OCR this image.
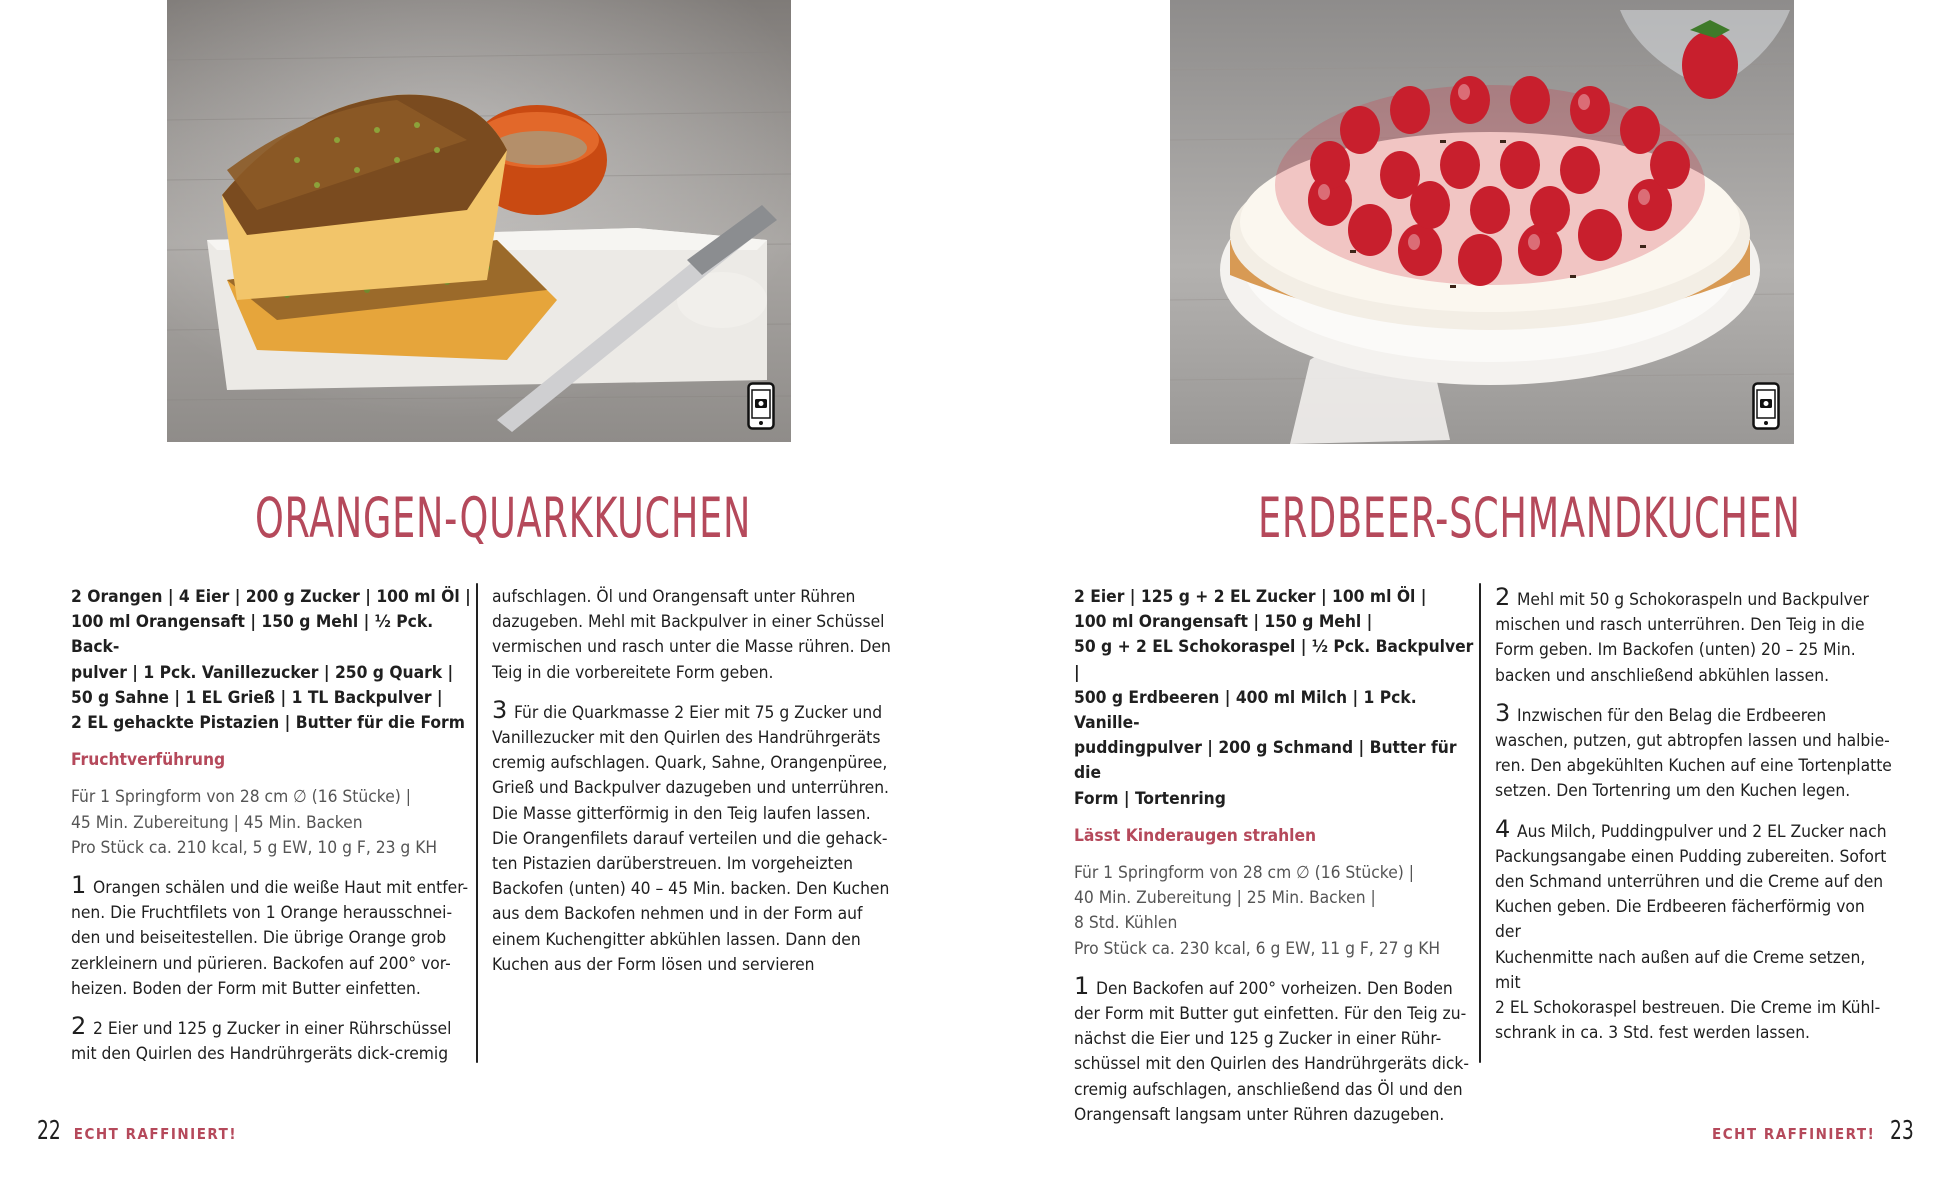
ORANGEN-QUARKKUCHEN

2 Orangen | 4 Eier | 200 g Zucker | 100 ml Öl |
100 ml Orangensaft | 150 g Mehl | ½ Pck. Back-
pulver | 1 Pck. Vanillezucker | 250 g Quark |
50 g Sahne | 1 EL Grieß | 1 TL Backpulver |
2 EL gehackte Pistazien | Butter für die Form

Fruchtverführung

Für 1 Springform von 28 cm ∅ (16 Stücke) |
45 Min. Zubereitung | 45 Min. Backen
Pro Stück ca. 210 kcal, 5 g EW, 10 g F, 23 g KH

1 Orangen schälen und die weiße Haut mit entfer-
nen. Die Fruchtfilets von 1 Orange herausschnei-
den und beiseitestellen. Die übrige Orange grob
zerkleinern und pürieren. Backofen auf 200° vor-
heizen. Boden der Form mit Butter einfetten.

2 2 Eier und 125 g Zucker in einer Rührschüssel
mit den Quirlen des Handrührgeräts dick-cremig

aufschlagen. Öl und Orangensaft unter Rühren
dazugeben. Mehl mit Backpulver in einer Schüssel
vermischen und rasch unter die Masse rühren. Den
Teig in die vorbereitete Form geben.

3 Für die Quarkmasse 2 Eier mit 75 g Zucker und
Vanillezucker mit den Quirlen des Handrührgeräts
cremig aufschlagen. Quark, Sahne, Orangenpüree,
Grieß und Backpulver dazugeben und unterrühren.
Die Masse gitterförmig in den Teig laufen lassen.
Die Orangenfilets darauf verteilen und die gehack-
ten Pistazien darüberstreuen. Im vorgeheizten
Backofen (unten) 40 – 45 Min. backen. Den Kuchen
aus dem Backofen nehmen und in der Form auf
einem Kuchengitter abkühlen lassen. Dann den
Kuchen aus der Form lösen und servieren

22 ECHT RAFFINIERT!
ERDBEER-SCHMANDKUCHEN

2 Eier | 125 g + 2 EL Zucker | 100 ml Öl |
100 ml Orangensaft | 150 g Mehl |
50 g + 2 EL Schokoraspel | ½ Pck. Backpulver |
500 g Erdbeeren | 400 ml Milch | 1 Pck. Vanille-
puddingpulver | 200 g Schmand | Butter für die
Form | Tortenring

Lässt Kinderaugen strahlen

Für 1 Springform von 28 cm ∅ (16 Stücke) |
40 Min. Zubereitung | 25 Min. Backen |
8 Std. Kühlen
Pro Stück ca. 230 kcal, 6 g EW, 11 g F, 27 g KH

1 Den Backofen auf 200° vorheizen. Den Boden
der Form mit Butter gut einfetten. Für den Teig zu-
nächst die Eier und 125 g Zucker in einer Rühr-
schüssel mit den Quirlen des Handrührgeräts dick-
cremig aufschlagen, anschließend das Öl und den
Orangensaft langsam unter Rühren dazugeben.

2 Mehl mit 50 g Schokoraspeln und Backpulver
mischen und rasch unterrühren. Den Teig in die
Form geben. Im Backofen (unten) 20 – 25 Min.
backen und anschließend abkühlen lassen.

3 Inzwischen für den Belag die Erdbeeren
waschen, putzen, gut abtropfen lassen und halbie-
ren. Den abgekühlten Kuchen auf eine Tortenplatte
setzen. Den Tortenring um den Kuchen legen.

4 Aus Milch, Puddingpulver und 2 EL Zucker nach
Packungsangabe einen Pudding zubereiten. Sofort
den Schmand unterrühren und die Creme auf den
Kuchen geben. Die Erdbeeren fächerförmig von der
Kuchenmitte nach außen auf die Creme setzen, mit
2 EL Schokoraspel bestreuen. Die Creme im Kühl-
schrank in ca. 3 Std. fest werden lassen.

ECHT RAFFINIERT! 23
